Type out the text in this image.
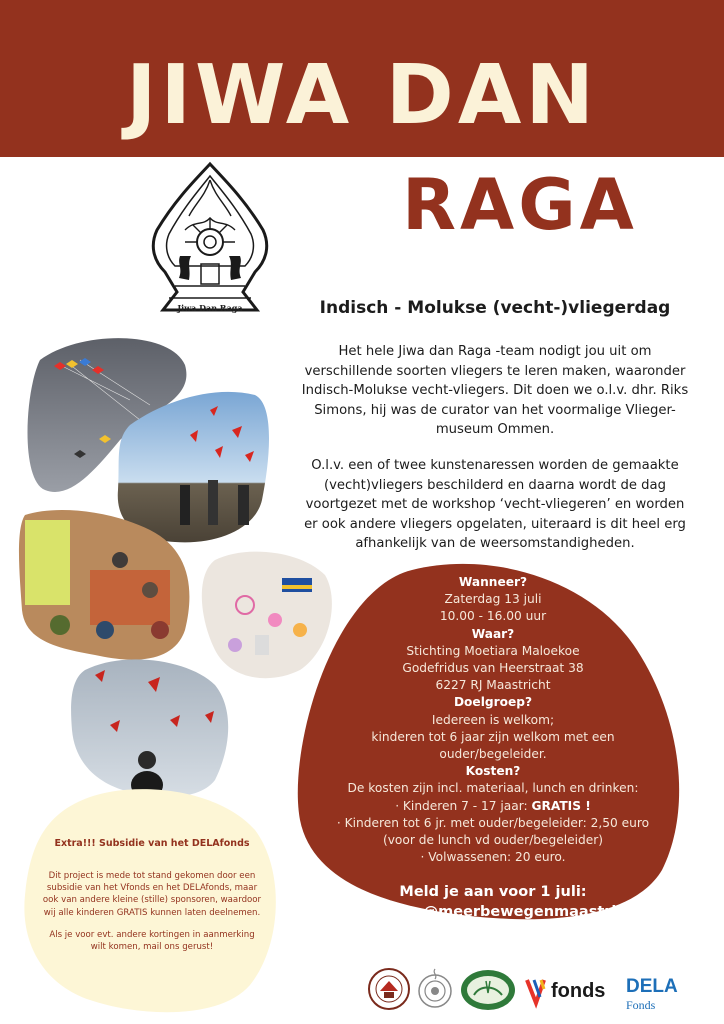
JIWA DAN
RAGA
Jiwa Dan Raga	Indisch - Molukse (vecht-)vliegerdag

Het hele Jiwa dan Raga -team nodigt jou uit om verschillende soorten vliegers te leren maken, waaronder Indisch-Molukse vecht-vliegers. Dit doen we o.l.v. dhr. Riks Simons, hij was de curator van het voormalige Vlieger-museum Ommen.

O.l.v. een of twee kunstenaressen worden de gemaakte (vecht)vliegers beschilderd en daarna wordt de dag voortgezet met de workshop ‘vecht-vliegeren’ en worden er ook andere vliegers opgelaten, uiteraard is dit heel erg afhankelijk van de weersomstandigheden.

Wanneer?
Zaterdag 13 juli
10.00 - 16.00 uur
Waar?
Stichting Moetiara Maloekoe
Godefridus van Heerstraat 38
6227 RJ Maastricht
Doelgroep?
Iedereen is welkom;
kinderen tot 6 jaar zijn welkom met een ouder/begeleider.
Kosten?
De kosten zijn incl. materiaal, lunch en drinken:
· Kinderen 7 - 17 jaar: GRATIS !
· Kinderen tot 6 jr. met ouder/begeleider: 2,50 euro
(voor de lunch vd ouder/begeleider)
· Volwassenen: 20 euro.
Meld je aan voor 1 juli:
jiwadanraga@meerbewegenmaastricht.nl
Extra!!! Subsidie van het DELAfonds
Dit project is mede tot stand gekomen door een subsidie van het Vfonds en het DELAfonds, maar ook van andere kleine (stille) sponsoren, waardoor wij alle kinderen GRATIS kunnen laten deelnemen.
Als je voor evt. andere kortingen in aanmerking wilt komen, mail ons gerust!
fonds DELA
Fonds
